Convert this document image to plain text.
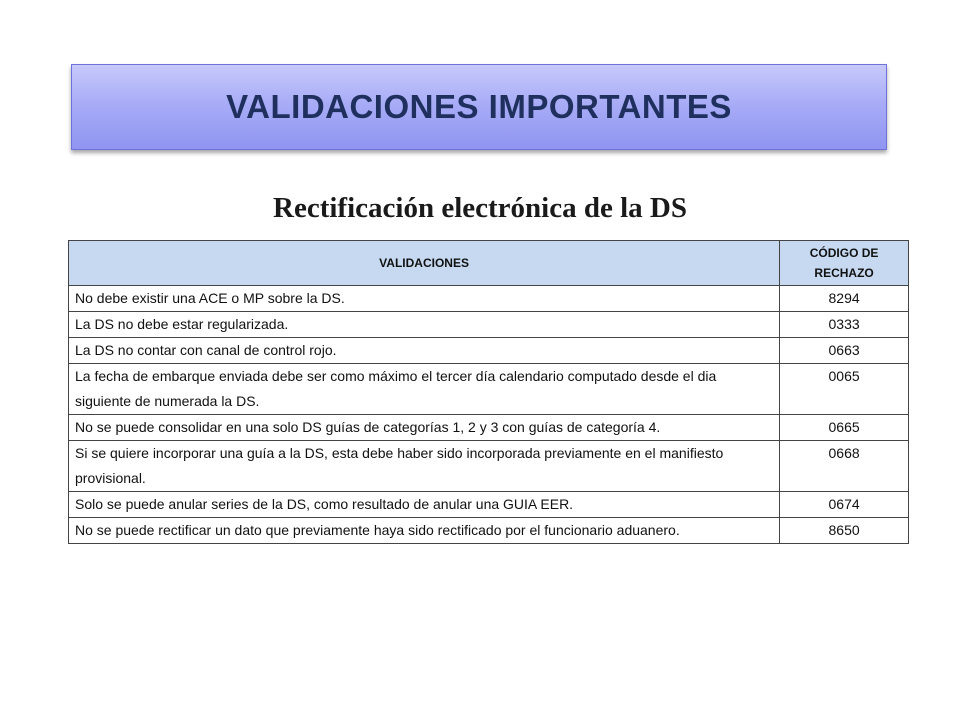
VALIDACIONES IMPORTANTES
Rectificación electrónica de la DS
VALIDACIONES	CÓDIGO DE RECHAZO
No debe existir una ACE o MP sobre la DS.	8294
La DS no debe estar regularizada.	0333
La DS no contar con canal de control rojo.	0663
La fecha de embarque enviada debe ser como máximo el tercer día calendario computado desde el dia siguiente de numerada la DS.	0065
No se puede consolidar en una solo DS guías de categorías 1, 2 y 3 con guías de categoría 4.	0665
Si se quiere incorporar una guía a la DS, esta debe haber sido incorporada previamente en el manifiesto provisional.	0668
Solo se puede anular series de la DS, como resultado de anular una GUIA EER.	0674
No se puede rectificar un dato que previamente haya sido rectificado por el funcionario aduanero.	8650
